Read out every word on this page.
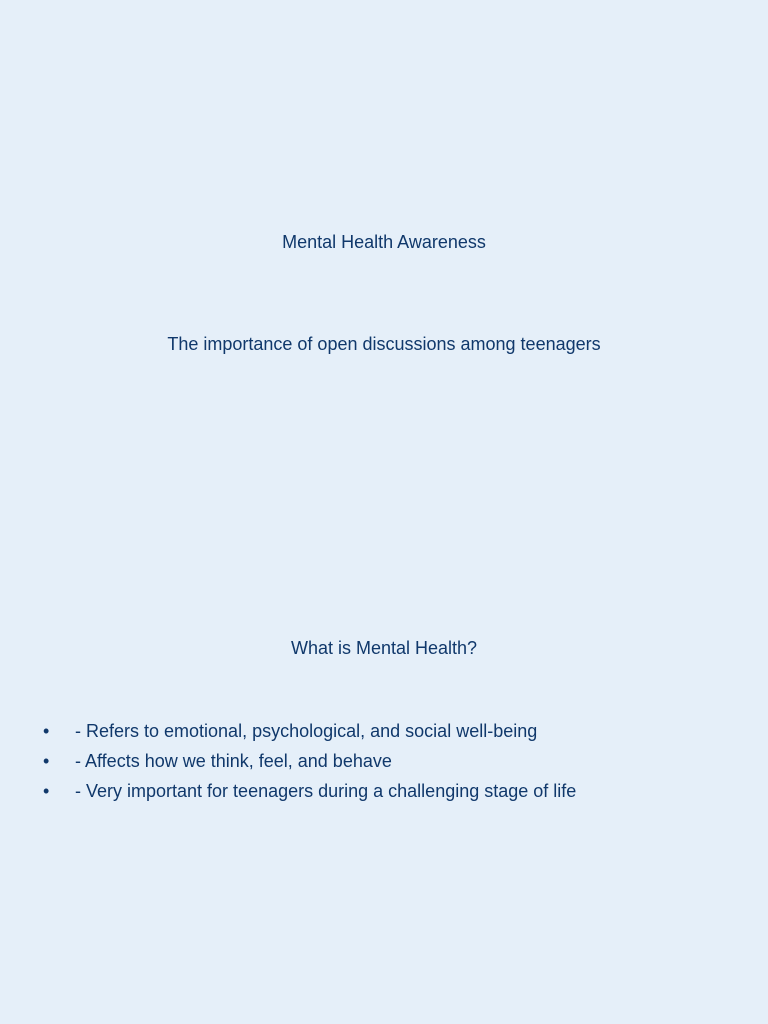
Mental Health Awareness
The importance of open discussions among teenagers
What is Mental Health?
• - Refers to emotional, psychological, and social well-being
• - Affects how we think, feel, and behave
• - Very important for teenagers during a challenging stage of life
